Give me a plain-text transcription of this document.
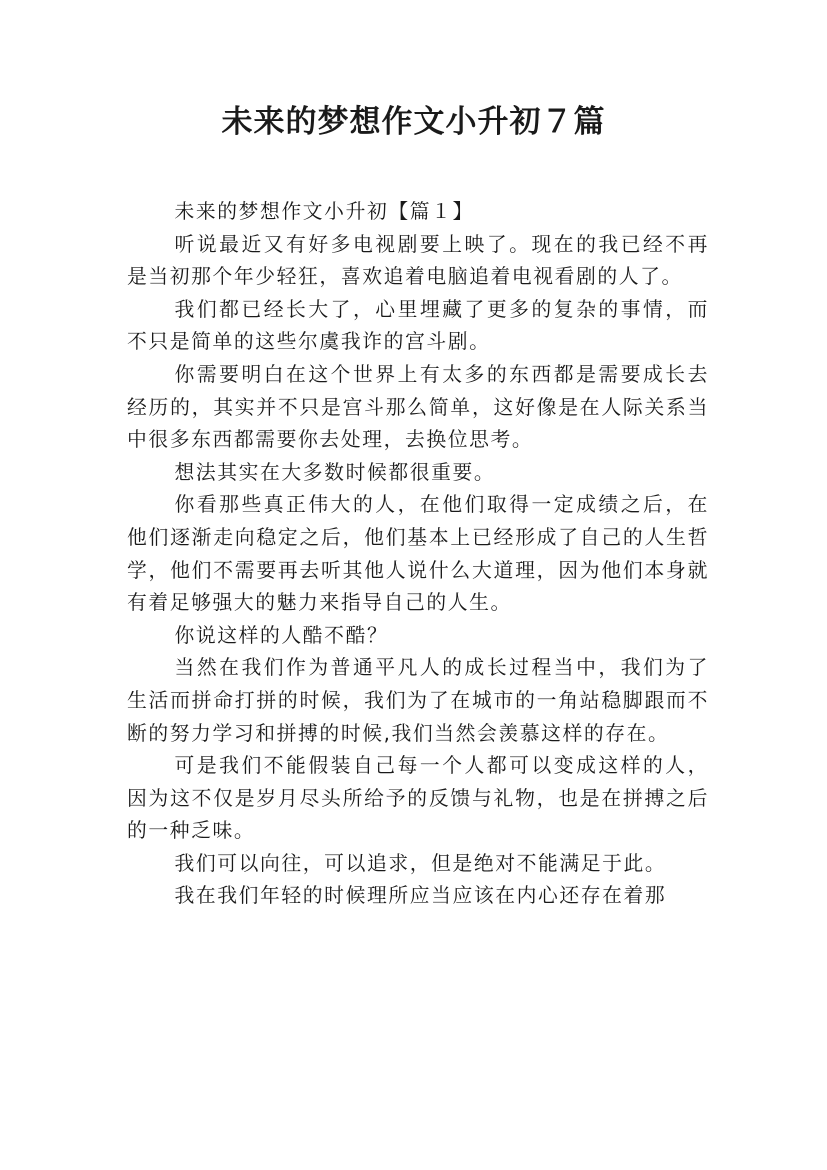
未来的梦想作文小升初７篇

未来的梦想作文小升初【篇１】

听说最近又有好多电视剧要上映了。现在的我已经不再是当初那个年少轻狂，喜欢追着电脑追着电视看剧的人了。

我们都已经长大了，心里埋藏了更多的复杂的事情，而不只是简单的这些尔虞我诈的宫斗剧。

你需要明白在这个世界上有太多的东西都是需要成长去经历的，其实并不只是宫斗那么简单，这好像是在人际关系当中很多东西都需要你去处理，去换位思考。

想法其实在大多数时候都很重要。

你看那些真正伟大的人，在他们取得一定成绩之后，在他们逐渐走向稳定之后，他们基本上已经形成了自己的人生哲学，他们不需要再去听其他人说什么大道理，因为他们本身就有着足够强大的魅力来指导自己的人生。

你说这样的人酷不酷？

当然在我们作为普通平凡人的成长过程当中，我们为了生活而拼命打拼的时候，我们为了在城市的一角站稳脚跟而不断的努力学习和拼搏的时候,我们当然会羡慕这样的存在。

可是我们不能假装自己每一个人都可以变成这样的人，因为这不仅是岁月尽头所给予的反馈与礼物，也是在拼搏之后的一种乏味。

我们可以向往，可以追求，但是绝对不能满足于此。

我在我们年轻的时候理所应当应该在内心还存在着那
